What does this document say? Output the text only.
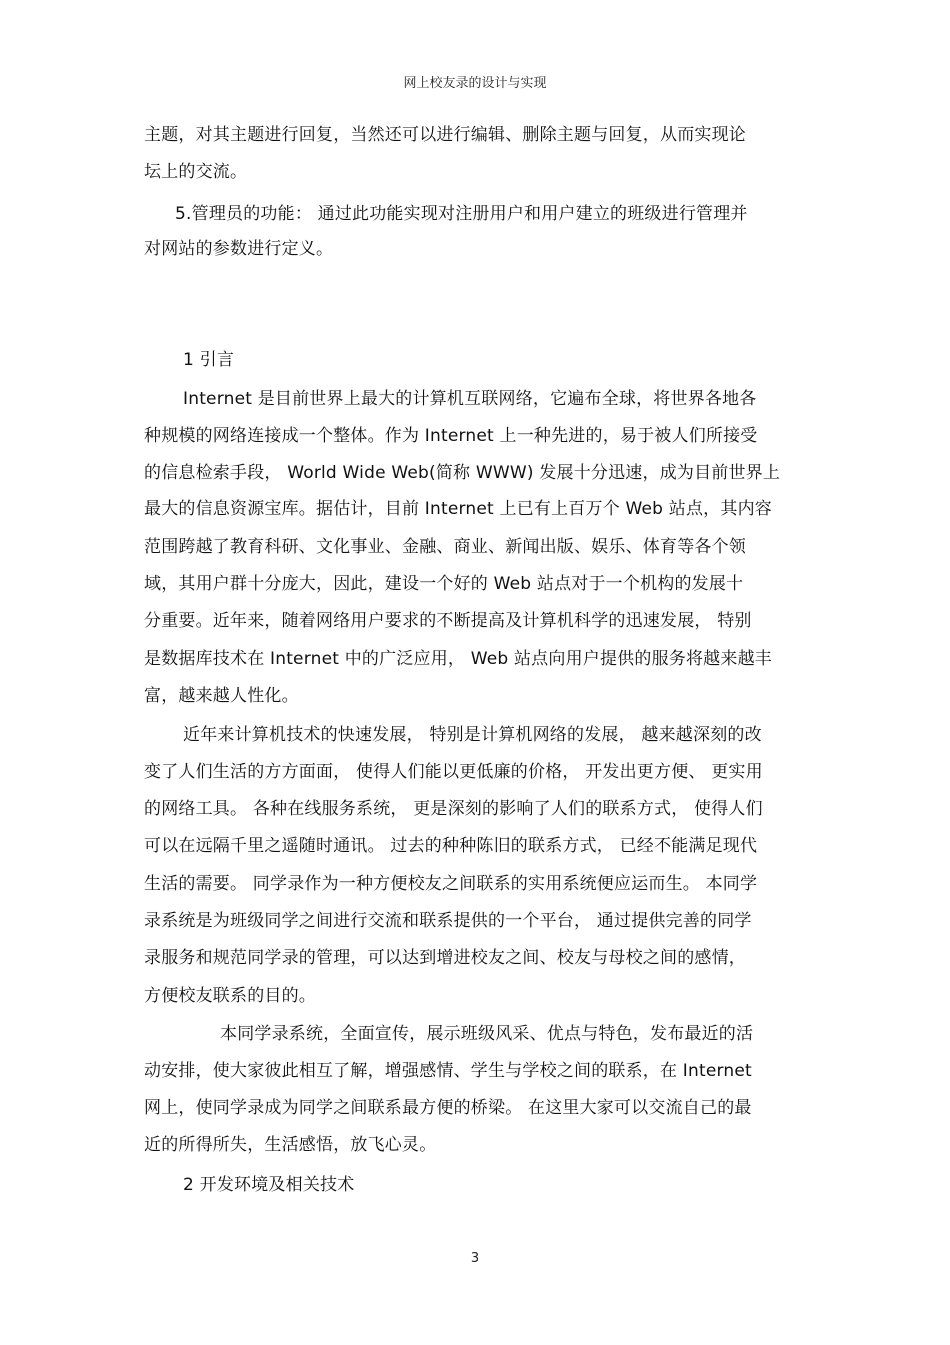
网上校友录的设计与实现
主题，对其主题进行回复，当然还可以进行编辑、删除主题与回复，从而实现论
坛上的交流。
5.管理员的功能： 通过此功能实现对注册用户和用户建立的班级进行管理并
对网站的参数进行定义。
1 引言
Internet 是目前世界上最大的计算机互联网络，它遍布全球，将世界各地各
种规模的网络连接成一个整体。作为 Internet 上一种先进的，易于被人们所接受
的信息检索手段， World Wide Web(简称 WWW) 发展十分迅速，成为目前世界上
最大的信息资源宝库。据估计，目前 Internet 上已有上百万个 Web 站点，其内容
范围跨越了教育科研、文化事业、金融、商业、新闻出版、娱乐、体育等各个领
域，其用户群十分庞大，因此，建设一个好的 Web 站点对于一个机构的发展十
分重要。近年来，随着网络用户要求的不断提高及计算机科学的迅速发展， 特别
是数据库技术在 Internet 中的广泛应用， Web 站点向用户提供的服务将越来越丰
富，越来越人性化。
近年来计算机技术的快速发展， 特别是计算机网络的发展， 越来越深刻的改
变了人们生活的方方面面， 使得人们能以更低廉的价格， 开发出更方便、 更实用
的网络工具。 各种在线服务系统， 更是深刻的影响了人们的联系方式， 使得人们
可以在远隔千里之遥随时通讯。 过去的种种陈旧的联系方式， 已经不能满足现代
生活的需要。 同学录作为一种方便校友之间联系的实用系统便应运而生。 本同学
录系统是为班级同学之间进行交流和联系提供的一个平台， 通过提供完善的同学
录服务和规范同学录的管理，可以达到增进校友之间、校友与母校之间的感情，
方便校友联系的目的。
本同学录系统，全面宣传，展示班级风采、优点与特色，发布最近的活
动安排，使大家彼此相互了解，增强感情、学生与学校之间的联系，在 Internet
网上，使同学录成为同学之间联系最方便的桥梁。 在这里大家可以交流自己的最
近的所得所失，生活感悟，放飞心灵。
2 开发环境及相关技术
3
